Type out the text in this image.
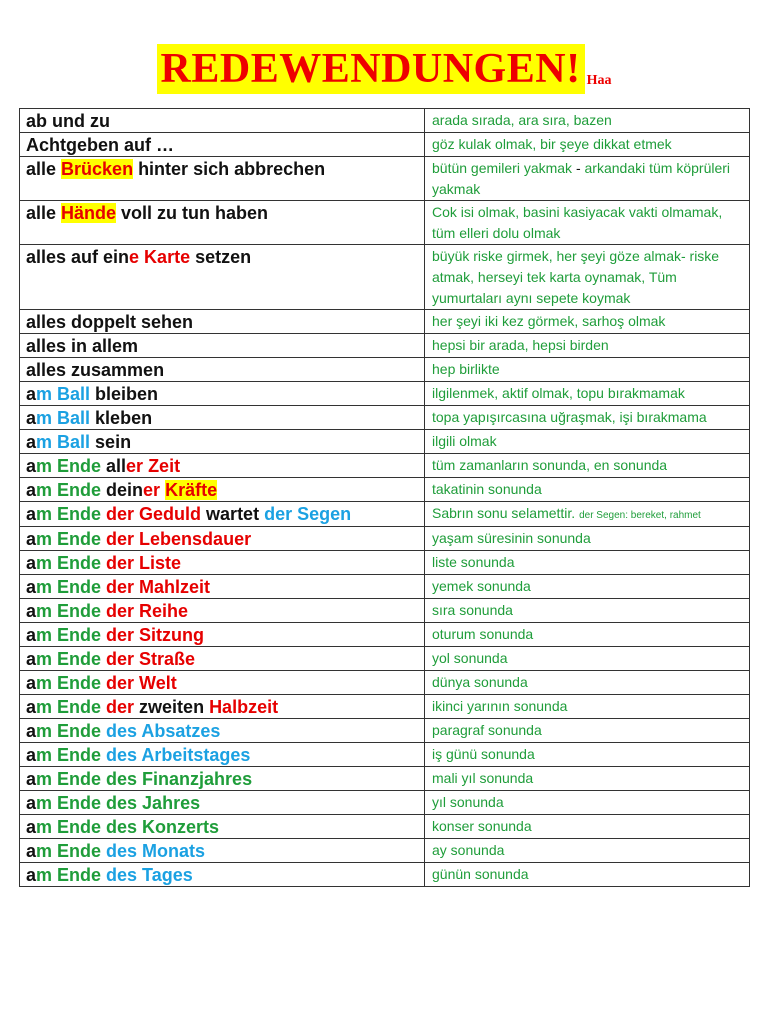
REDEWENDUNGEN! Haa
ab und zu	arada sırada, ara sıra, bazen
Achtgeben auf …	göz kulak olmak, bir şeye dikkat etmek
alle Brücken hinter sich abbrechen	bütün gemileri yakmak - arkandaki tüm köprüleri yakmak
alle Hände voll zu tun haben	Cok isi olmak, basini kasiyacak vakti olmamak, tüm elleri dolu olmak
alles auf eine Karte setzen	büyük riske girmek, her şeyi göze almak- riske atmak, herseyi tek karta oynamak, Tüm yumurtaları aynı sepete koymak
alles doppelt sehen	her şeyi iki kez görmek, sarhoş olmak
alles in allem	hepsi bir arada, hepsi birden
alles zusammen	hep birlikte
am Ball bleiben	ilgilenmek, aktif olmak, topu bırakmamak
am Ball kleben	topa yapışırcasına uğraşmak, işi bırakmama
am Ball sein	ilgili olmak
am Ende aller Zeit	tüm zamanların sonunda, en sonunda
am Ende deiner Kräfte	takatinin sonunda
am Ende der Geduld wartet der Segen	Sabrın sonu selamettir. der Segen: bereket, rahmet
am Ende der Lebensdauer	yaşam süresinin sonunda
am Ende der Liste	liste sonunda
am Ende der Mahlzeit	yemek sonunda
am Ende der Reihe	sıra sonunda
am Ende der Sitzung	oturum sonunda
am Ende der Straße	yol sonunda
am Ende der Welt	dünya sonunda
am Ende der zweiten Halbzeit	ikinci yarının sonunda
am Ende des Absatzes	paragraf sonunda
am Ende des Arbeitstages	iş günü sonunda
am Ende des Finanzjahres	mali yıl sonunda
am Ende des Jahres	yıl sonunda
am Ende des Konzerts	konser sonunda
am Ende des Monats	ay sonunda
am Ende des Tages	günün sonunda
